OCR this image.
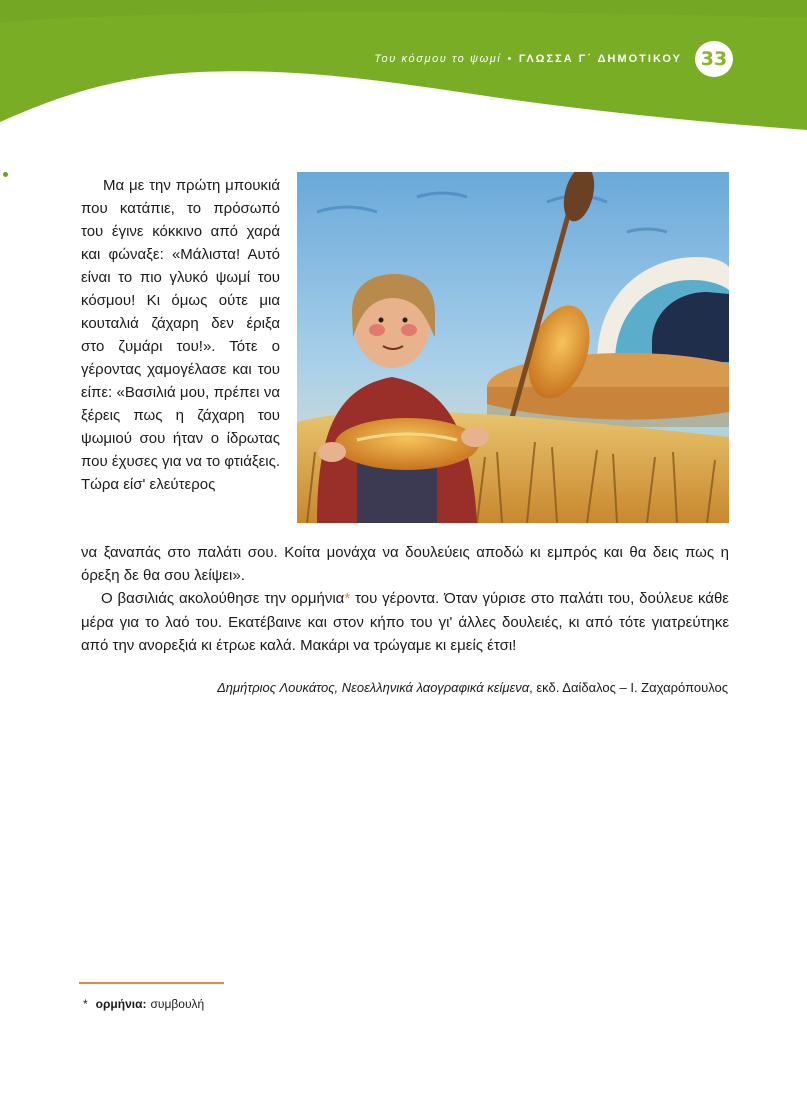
Του κόσμου το ψωμί • ΓΛΩΣΣΑ Γ΄ ΔΗΜΟΤΙΚΟΥ 33

Μα με την πρώτη μπουκιά που κατάπιε, το πρόσωπό του έγινε κόκκινο από χαρά και φώναξε: «Μάλιστα! Αυτό είναι το πιο γλυκό ψωμί του κόσμου! Κι όμως ούτε μια κουταλιά ζάχαρη δεν έριξα στο ζυμάρι του!». Τότε ο γέροντας χαμογέλασε και του είπε: «Βασιλιά μου, πρέπει να ξέρεις πως η ζάχαρη του ψωμιού σου ήταν ο ίδρωτας που έχυσες για να το φτιάξεις. Τώρα είσ' ελεύτερος

να ξαναπάς στο παλάτι σου. Κοίτα μονάχα να δουλεύεις αποδώ κι εμπρός και θα δεις πως η όρεξη δε θα σου λείψει».

Ο βασιλιάς ακολούθησε την ορμήνια* του γέροντα. Όταν γύρισε στο παλάτι του, δούλευε κάθε μέρα για το λαό του. Εκατέβαινε και στον κήπο του γι' άλλες δουλειές, κι από τότε γιατρεύτηκε από την ανορεξιά κι έτρωε καλά. Μακάρι να τρώγαμε κι εμείς έτσι!

Δημήτριος Λουκάτος, Νεοελληνικά λαογραφικά κείμενα, εκδ. Δαίδαλος – Ι. Ζαχαρόπουλος
* ορμήνια: συμβουλή
